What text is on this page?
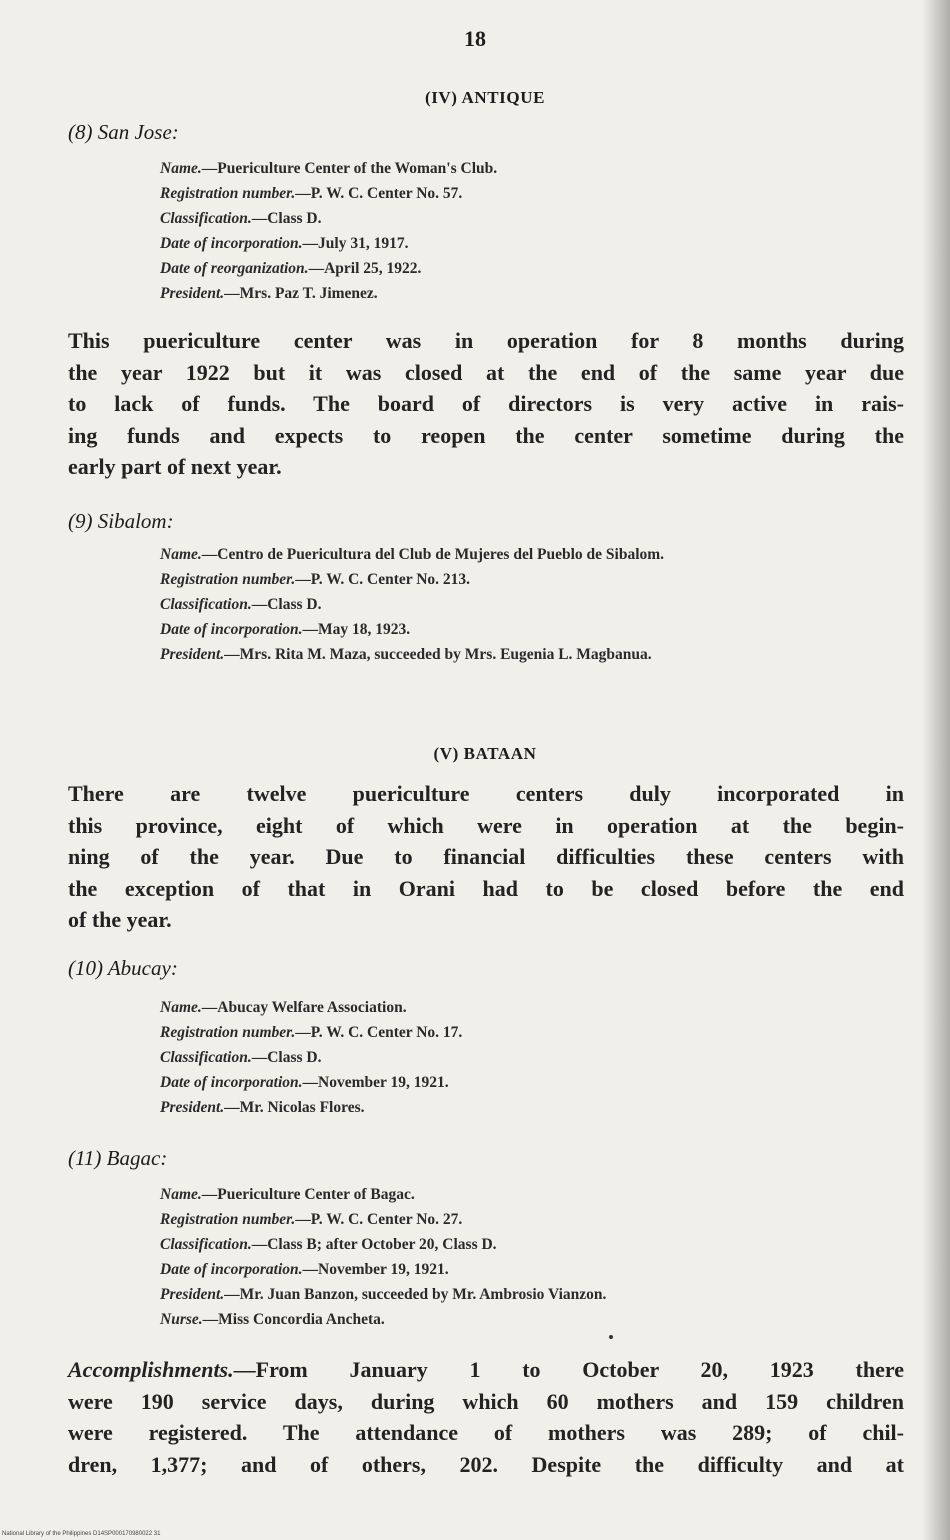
18
(IV) ANTIQUE
(8) San Jose:
Name.—Puericulture Center of the Woman's Club.
Registration number.—P. W. C. Center No. 57.
Classification.—Class D.
Date of incorporation.—July 31, 1917.
Date of reorganization.—April 25, 1922.
President.—Mrs. Paz T. Jimenez.
This puericulture center was in operation for 8 months during
the year 1922 but it was closed at the end of the same year due
to lack of funds. The board of directors is very active in rais-
ing funds and expects to reopen the center sometime during the
early part of next year.
(9) Sibalom:
Name.—Centro de Puericultura del Club de Mujeres del Pueblo de Sibalom.
Registration number.—P. W. C. Center No. 213.
Classification.—Class D.
Date of incorporation.—May 18, 1923.
President.—Mrs. Rita M. Maza, succeeded by Mrs. Eugenia L. Magbanua.
(V) BATAAN
There are twelve puericulture centers duly incorporated in
this province, eight of which were in operation at the begin-
ning of the year. Due to financial difficulties these centers with
the exception of that in Orani had to be closed before the end
of the year.
(10) Abucay:
Name.—Abucay Welfare Association.
Registration number.—P. W. C. Center No. 17.
Classification.—Class D.
Date of incorporation.—November 19, 1921.
President.—Mr. Nicolas Flores.
(11) Bagac:
Name.—Puericulture Center of Bagac.
Registration number.—P. W. C. Center No. 27.
Classification.—Class B; after October 20, Class D.
Date of incorporation.—November 19, 1921.
President.—Mr. Juan Banzon, succeeded by Mr. Ambrosio Vianzon.
Nurse.—Miss Concordia Ancheta.
Accomplishments.—From January 1 to October 20, 1923 there
were 190 service days, during which 60 mothers and 159 children
were registered. The attendance of mothers was 289; of chil-
dren, 1,377; and of others, 202. Despite the difficulty and at
National Library of the Philippines D14SP000170980022 31
